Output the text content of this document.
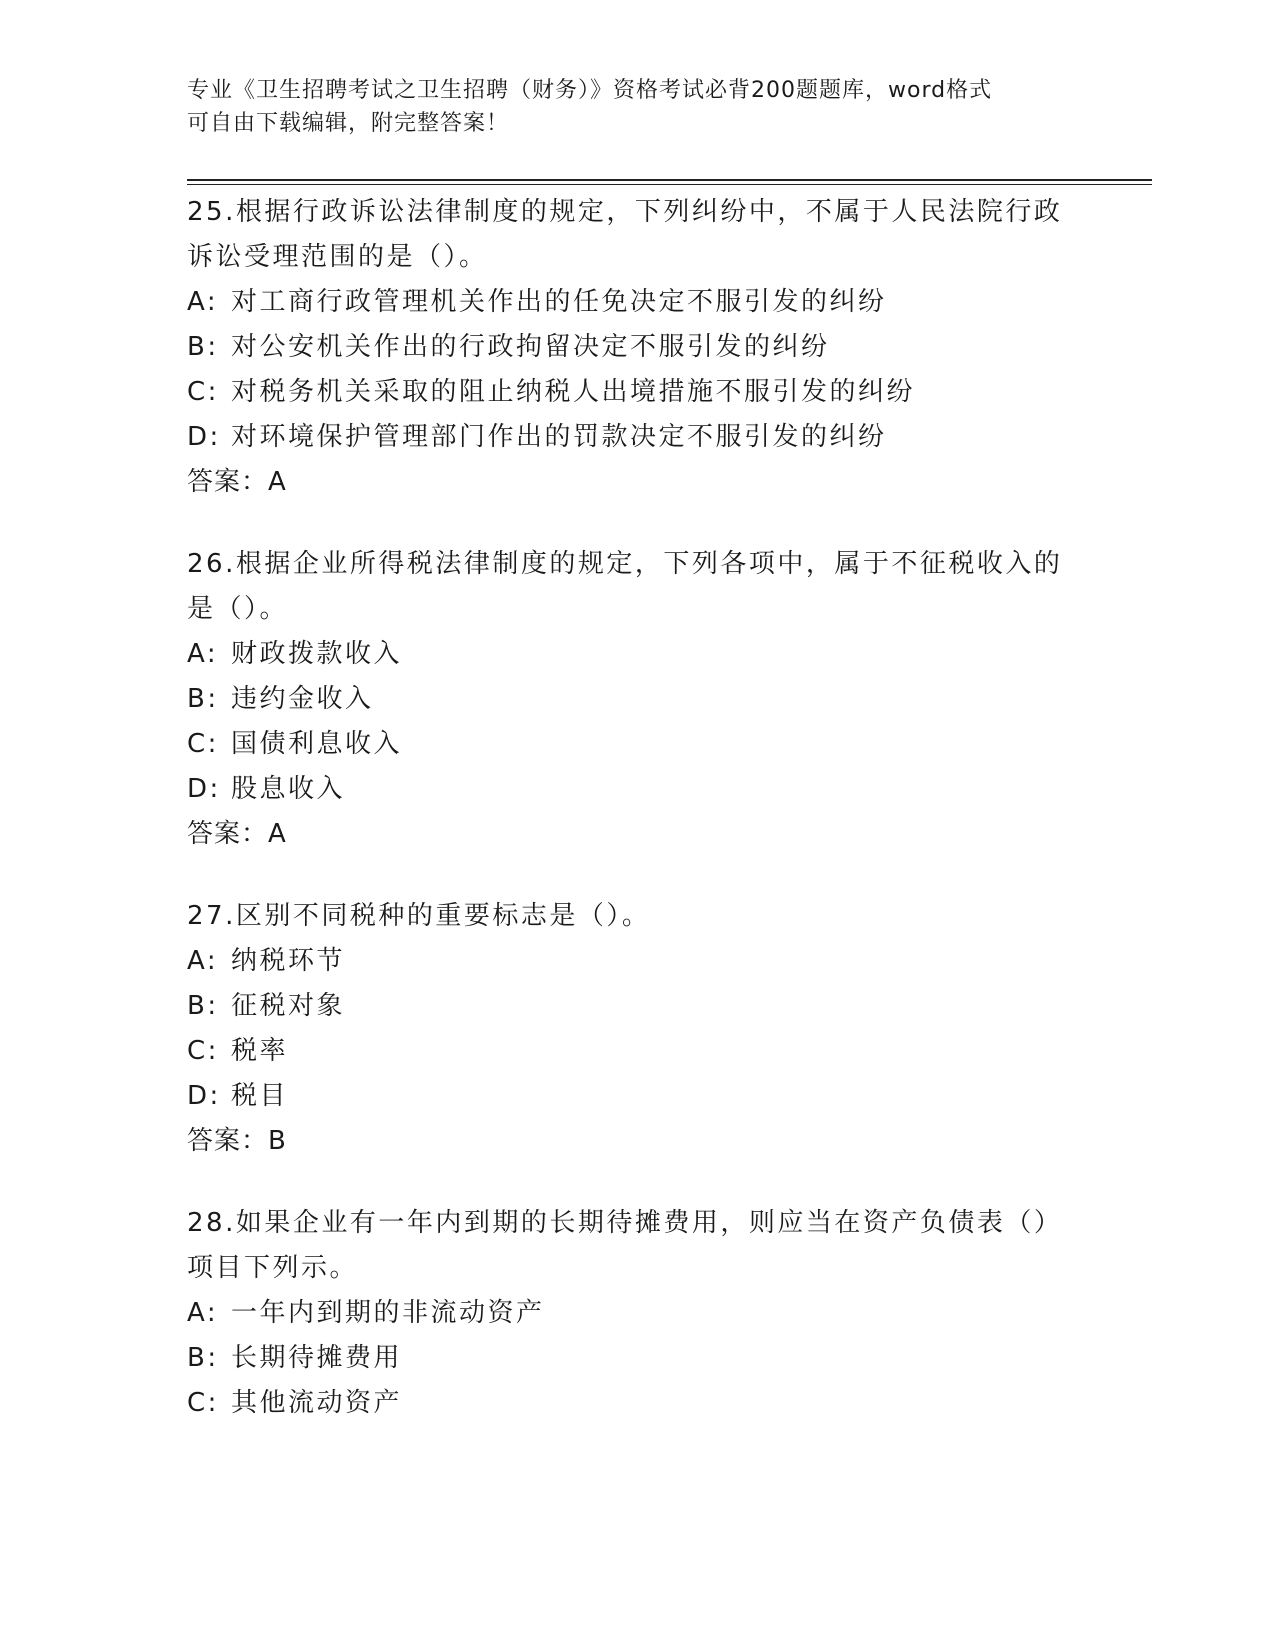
专业《卫生招聘考试之卫生招聘（财务）》资格考试必背200题题库，word格式
可自由下载编辑，附完整答案！

25.根据行政诉讼法律制度的规定，下列纠纷中，不属于人民法院行政

诉讼受理范围的是（）。

A: 对工商行政管理机关作出的任免决定不服引发的纠纷

B: 对公安机关作出的行政拘留决定不服引发的纠纷

C: 对税务机关采取的阻止纳税人出境措施不服引发的纠纷

D: 对环境保护管理部门作出的罚款决定不服引发的纠纷

答案：A

26.根据企业所得税法律制度的规定，下列各项中，属于不征税收入的

是（）。

A: 财政拨款收入

B: 违约金收入

C: 国债利息收入

D: 股息收入

答案：A

27.区别不同税种的重要标志是（）。

A: 纳税环节

B: 征税对象

C: 税率

D: 税目

答案：B

28.如果企业有一年内到期的长期待摊费用，则应当在资产负债表（）

项目下列示。

A: 一年内到期的非流动资产

B: 长期待摊费用

C: 其他流动资产
